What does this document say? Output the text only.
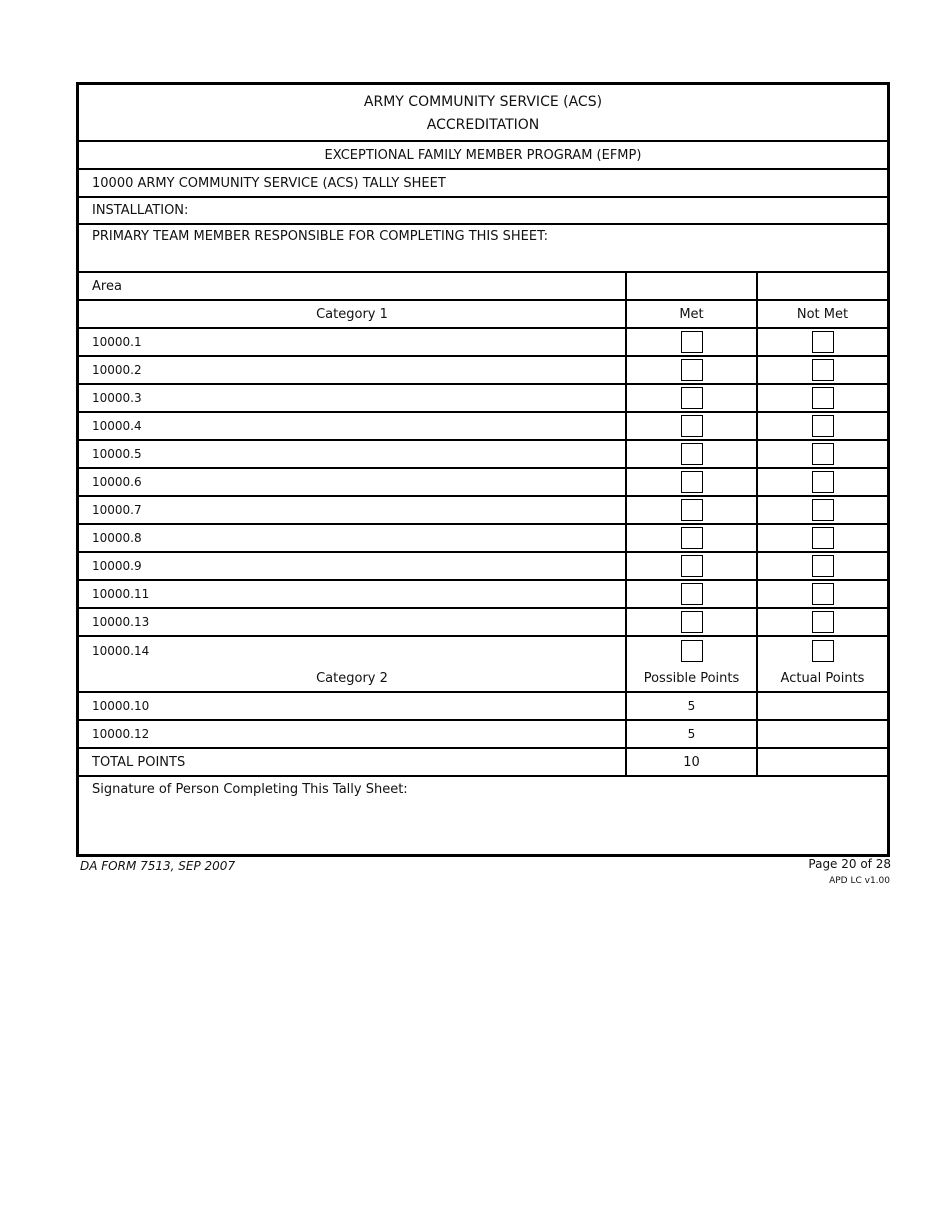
ARMY COMMUNITY SERVICE (ACS)
ACCREDITATION
EXCEPTIONAL FAMILY MEMBER PROGRAM (EFMP)
10000 ARMY COMMUNITY SERVICE (ACS) TALLY SHEET
INSTALLATION:
PRIMARY TEAM MEMBER RESPONSIBLE FOR COMPLETING THIS SHEET:
Area
Category 1	Met	Not Met
10000.1
10000.2
10000.3
10000.4
10000.5
10000.6
10000.7
10000.8
10000.9
10000.11
10000.13
10000.14
Category 2	Possible Points	Actual Points
10000.10	5
10000.12	5
TOTAL POINTS	10
Signature of Person Completing This Tally Sheet:
DA FORM 7513, SEP 2007	Page 20 of 28
APD LC v1.00
